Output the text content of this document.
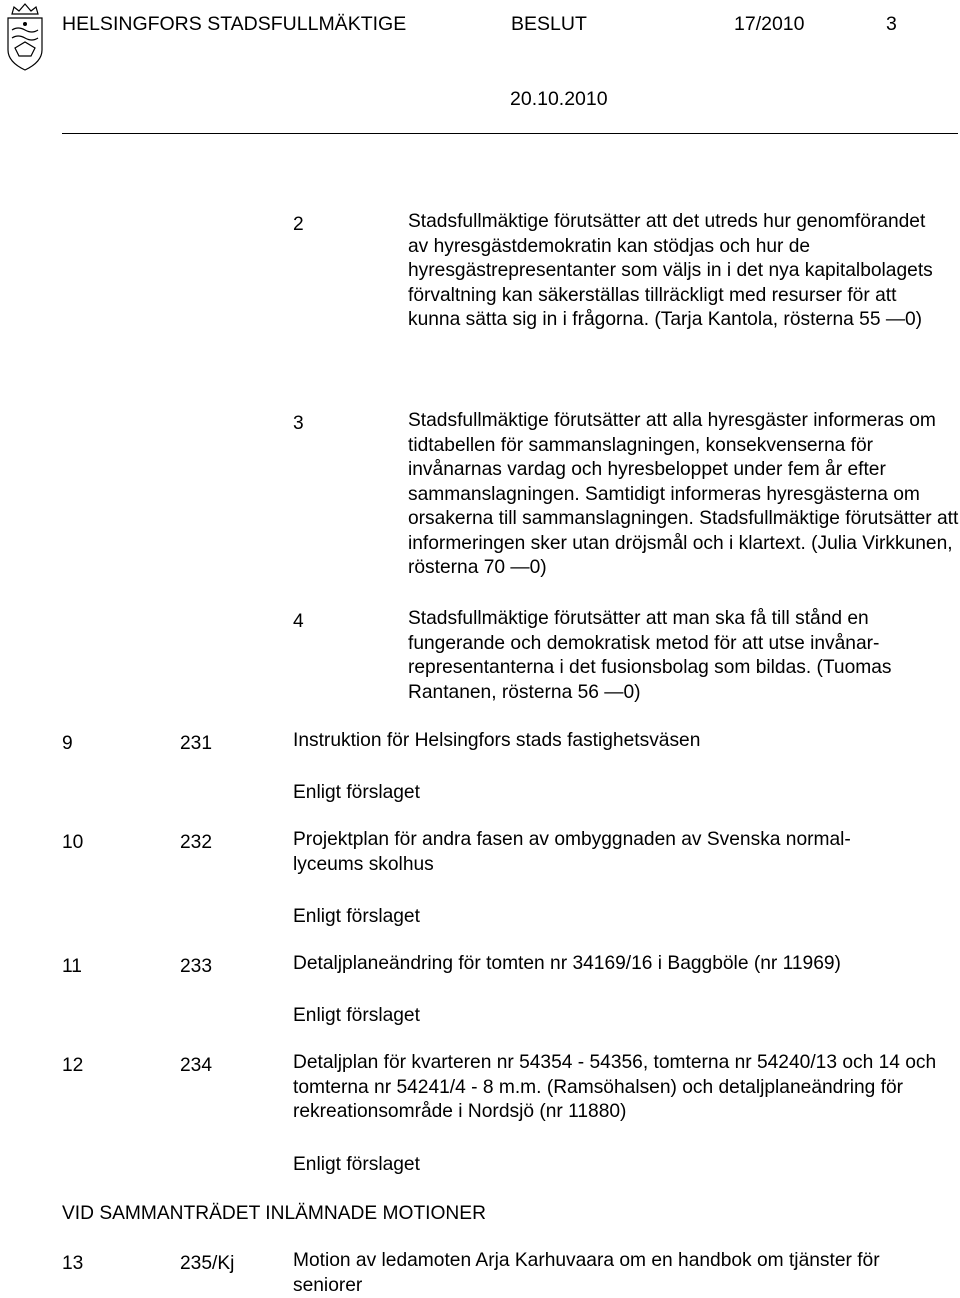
HELSINGFORS STADSFULLMÄKTIGE	BESLUT	17/2010	3
20.10.2010
2	Stadsfullmäktige förutsätter att det utreds hur genomförandet av hyresgästdemokratin kan stödjas och hur de hyresgästrepresentanter som väljs in i det nya kapitalbolagets förvaltning kan säkerställas tillräckligt med resurser för att kunna sätta sig in i frågorna. (Tarja Kantola, rösterna 55 —0)
3	Stadsfullmäktige förutsätter att alla hyresgäster informeras om tidtabellen för sammanslagningen, konsekvenserna för invånarnas vardag och hyresbeloppet under fem år efter sammanslagningen. Samtidigt informeras hyresgästerna om orsakerna till sammanslagningen. Stadsfullmäktige förutsätter att informeringen sker utan dröjsmål och i klartext. (Julia Virkkunen, rösterna 70 —0)
4	Stadsfullmäktige förutsätter att man ska få till stånd en fungerande och demokratisk metod för att utse invånar- representanterna i det fusionsbolag som bildas. (Tuomas Rantanen, rösterna 56 —0)
9	231	Instruktion för Helsingfors stads fastighetsväsen
Enligt förslaget
10	232	Projektplan för andra fasen av ombyggnaden av Svenska normal- lyceums skolhus
Enligt förslaget
11	233	Detaljplaneändring för tomten nr 34169/16 i Baggböle (nr 11969)
Enligt förslaget
12	234	Detaljplan för kvarteren nr 54354 - 54356, tomterna nr 54240/13 och 14 och tomterna nr 54241/4 - 8 m.m. (Ramsöhalsen) och detaljplaneändring för rekreationsområde i Nordsjö (nr 11880)
Enligt förslaget
VID SAMMANTRÄDET INLÄMNADE MOTIONER
13	235/Kj	Motion av ledamoten Arja Karhuvaara om en handbok om tjänster för seniorer
